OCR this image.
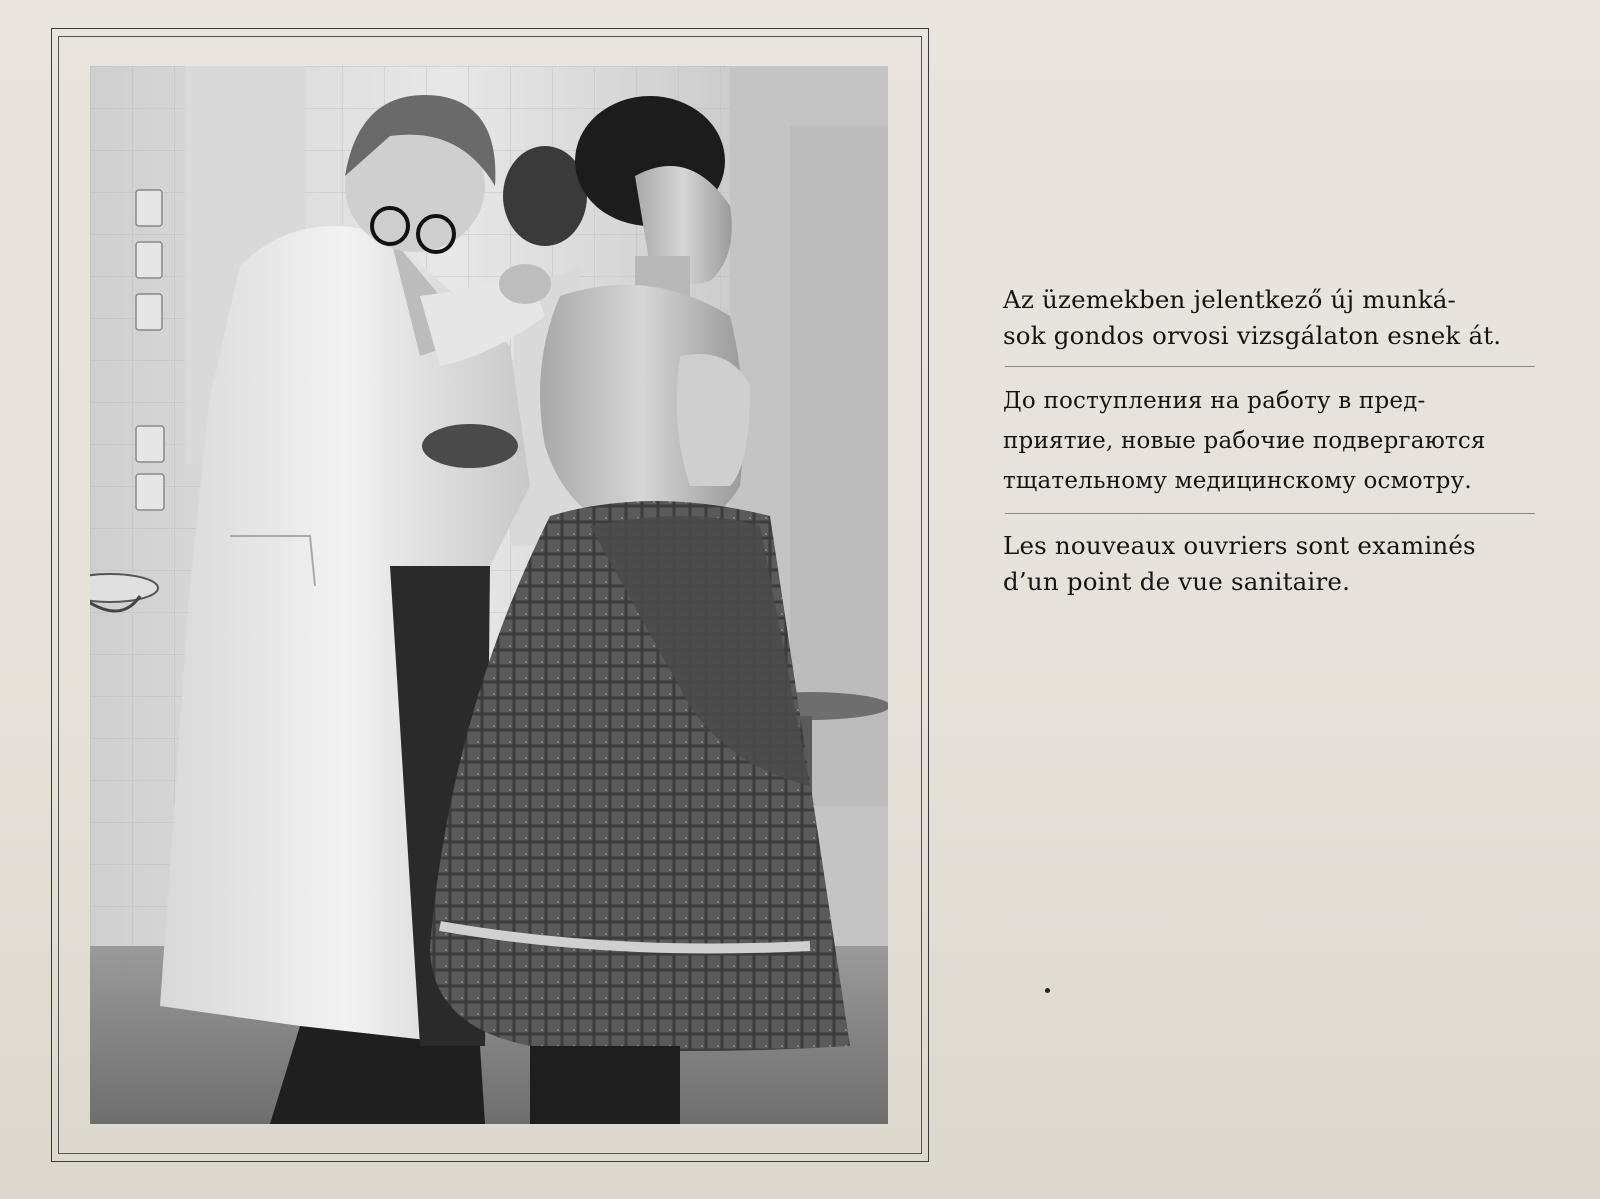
Az üzemekben jelentkező új munká-
sok gondos orvosi vizsgálaton esnek át.
До поступления на работу в пред-
приятие, новые рабочие подвергаются
тщательному медицинскому осмотру.
Les nouveaux ouvriers sont examinés
d’un point de vue sanitaire.
